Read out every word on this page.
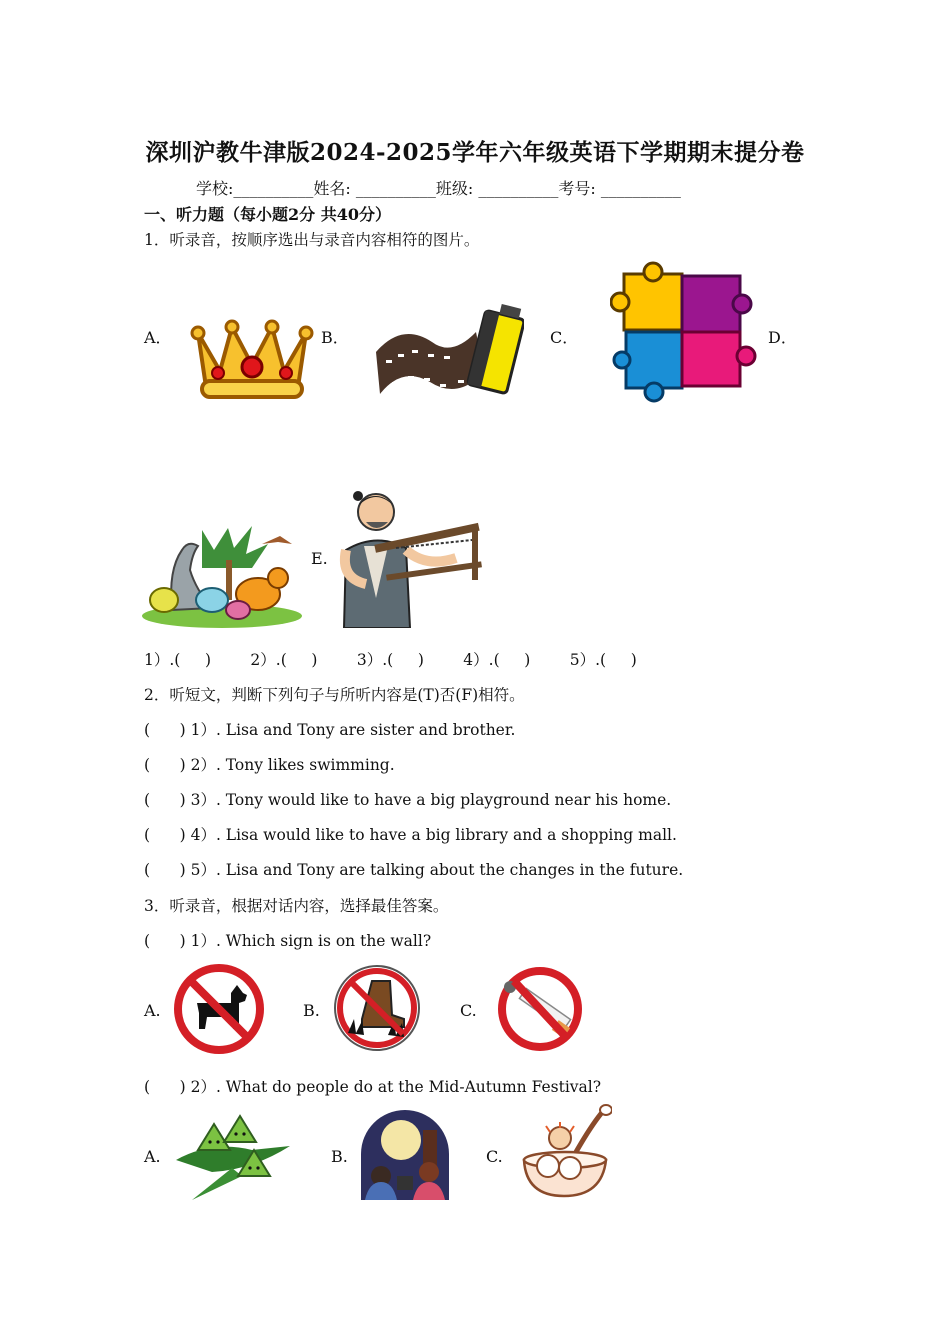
深圳沪教牛津版2024-2025学年六年级英语下学期期末提分卷
学校:__________姓名: __________班级: __________考号: __________
一、听力题（每小题2分 共40分）
1．听录音，按顺序选出与录音内容相符的图片。
A．	B．	C．	D．
E.
1）.(     )        2）.(     )        3）.(     )        4）.(     )        5）.(     )
2．听短文，判断下列句子与所听内容是(T)否(F)相符。
(      ) 1）. Lisa and Tony are sister and brother.
(      ) 2）. Tony likes swimming.
(      ) 3）. Tony would like to have a big playground near his home.
(      ) 4）. Lisa would like to have a big library and a shopping mall.
(      ) 5）. Lisa and Tony are talking about the changes in the future.
3．听录音，根据对话内容，选择最佳答案。
(      ) 1）. Which sign is on the wall?
A.	B.	C.
(      ) 2）. What do people do at the Mid-Autumn Festival?
A.	B.	C.
